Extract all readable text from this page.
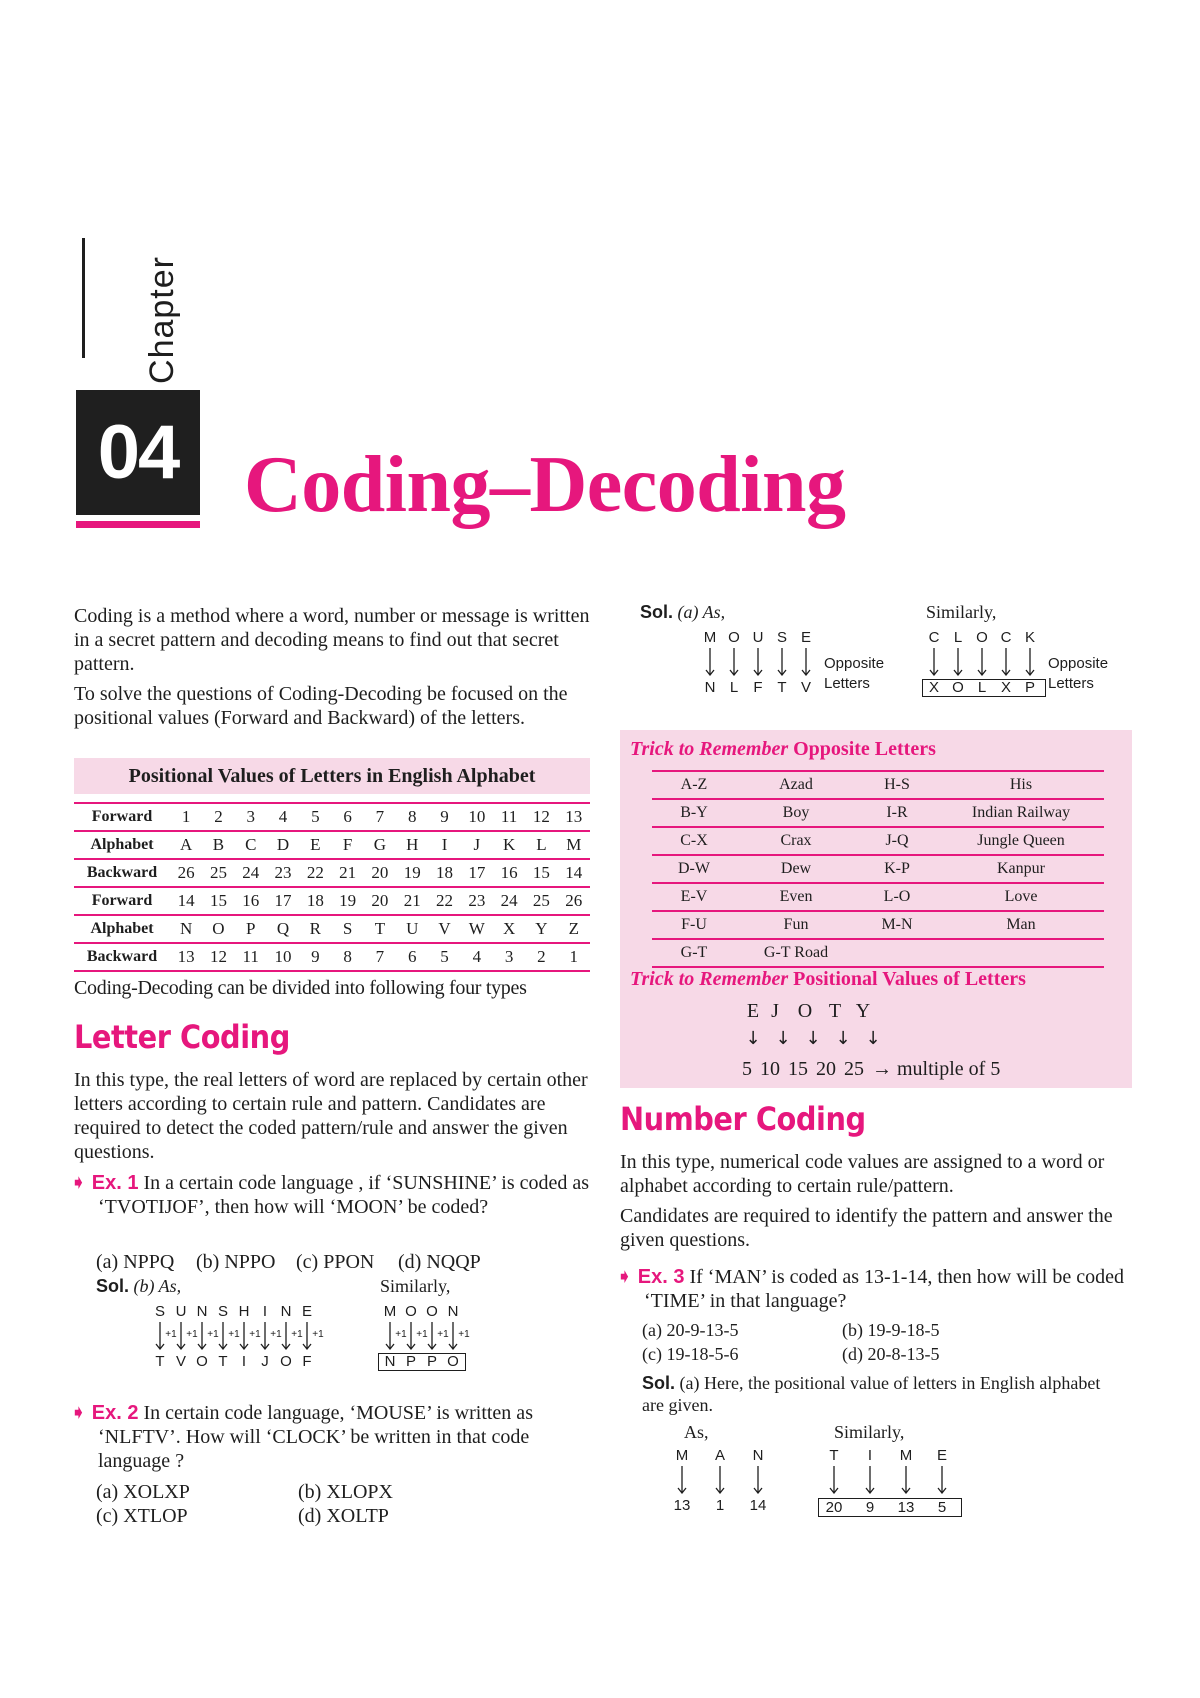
Chapter
04 Coding–Decoding
Coding is a method where a word, number or message is written in a secret pattern and decoding means to find out that secret pattern.
To solve the questions of Coding-Decoding be focused on the positional values (Forward and Backward) of the letters.
Positional Values of Letters in English Alphabet
Forward	1	2	3	4	5	6	7	8	9	10	11	12	13
Alphabet	A	B	C	D	E	F	G	H	I	J	K	L	M
Backward	26	25	24	23	22	21	20	19	18	17	16	15	14
Forward	14	15	16	17	18	19	20	21	22	23	24	25	26
Alphabet	N	O	P	Q	R	S	T	U	V	W	X	Y	Z
Backward	13	12	11	10	9	8	7	6	5	4	3	2	1
Coding-Decoding can be divided into following four types
Letter Coding
In this type, the real letters of word are replaced by certain other letters according to certain rule and pattern. Candidates are required to detect the coded pattern/rule and answer the given questions.
➧ Ex. 1 In a certain code language , if ‘SUNSHINE’ is coded as ‘TVOTIJOF’, then how will ‘MOON’ be coded?
(a) NPPQ (b) NPPO (c) PPON (d) NQQP
Sol. (b) As,	Similarly,
S
T
+1
U
V
+1
N
O
+1
S
T
+1
H
I
+1
I
J
+1
N
O
+1
E
F
+1
M
N
+1
O
P
+1
O
P
+1
N
O
+1
➧ Ex. 2 In certain code language, ‘MOUSE’ is written as ‘NLFTV’. How will ‘CLOCK’ be written in that code language ?
(a) XOLXP	(b) XLOPX
(c) XTLOP	(d) XOLTP
Sol. (a) As,	Similarly,
M
N
O
L
U
F
S
T
E
V
Opposite
Letters
C
X
L
O
O
L
C
X
K
P
Opposite
Letters
Trick to Remember Opposite Letters
A-Z	Azad	H-S	His
B-Y	Boy	I-R	Indian Railway
C-X	Crax	J-Q	Jungle Queen
D-W	Dew	K-P	Kanpur
E-V	Even	L-O	Love
F-U	Fun	M-N	Man
G-T	G-T Road		
Trick to Remember Positional Values of Letters
E
↓
J
↓
O
↓
T
↓
Y
↓
5 10 15 20 25 → multiple of 5
Number Coding
In this type, numerical code values are assigned to a word or alphabet according to certain rule/pattern.
Candidates are required to identify the pattern and answer the given questions.
➧ Ex. 3 If ‘MAN’ is coded as 13-1-14, then how will be coded ‘TIME’ in that language?
(a) 20-9-13-5	(b) 19-9-18-5
(c) 19-18-5-6	(d) 20-8-13-5
Sol. (a) Here, the positional value of letters in English alphabet are given.
As,	Similarly,
M
13
A
1
N
14
T
20
I
9
M
13
E
5
